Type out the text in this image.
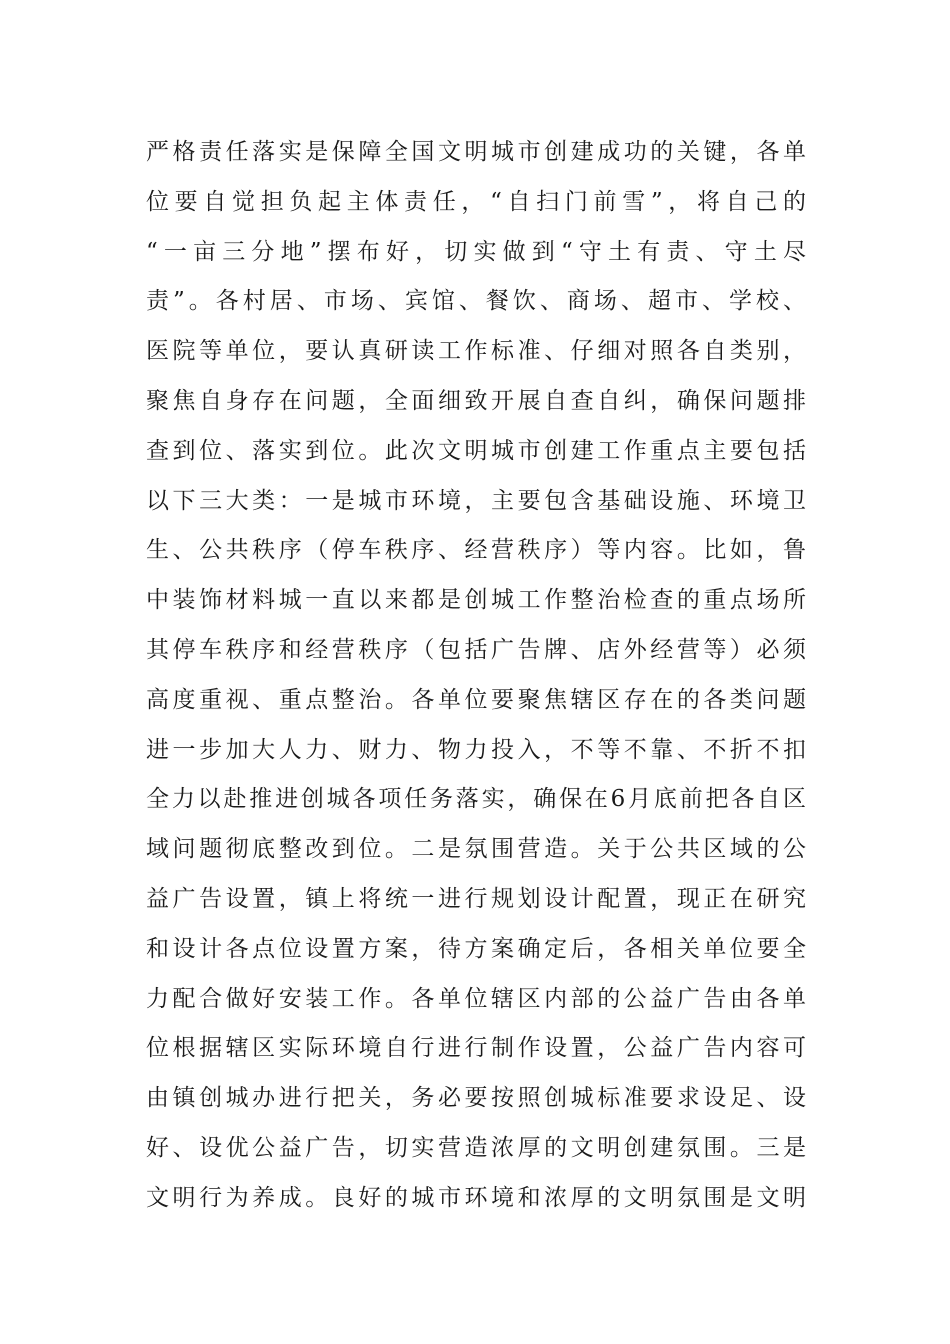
严格责任落实是保障全国文明城市创建成功的关键，各单
位要自觉担负起主体责任，“自扫门前雪”，将自己的
“一亩三分地”摆布好，切实做到“守土有责、守土尽
责”。各村居、市场、宾馆、餐饮、商场、超市、学校、
医院等单位，要认真研读工作标准、仔细对照各自类别，
聚焦自身存在问题，全面细致开展自查自纠，确保问题排
查到位、落实到位。此次文明城市创建工作重点主要包括
以下三大类：一是城市环境，主要包含基础设施、环境卫
生、公共秩序（停车秩序、经营秩序）等内容。比如，鲁
中装饰材料城一直以来都是创城工作整治检查的重点场所
其停车秩序和经营秩序（包括广告牌、店外经营等）必须
高度重视、重点整治。各单位要聚焦辖区存在的各类问题
进一步加大人力、财力、物力投入，不等不靠、不折不扣
全力以赴推进创城各项任务落实，确保在6月底前把各自区
域问题彻底整改到位。二是氛围营造。关于公共区域的公
益广告设置，镇上将统一进行规划设计配置，现正在研究
和设计各点位设置方案，待方案确定后，各相关单位要全
力配合做好安装工作。各单位辖区内部的公益广告由各单
位根据辖区实际环境自行进行制作设置，公益广告内容可
由镇创城办进行把关，务必要按照创城标准要求设足、设
好、设优公益广告，切实营造浓厚的文明创建氛围。三是
文明行为养成。良好的城市环境和浓厚的文明氛围是文明
